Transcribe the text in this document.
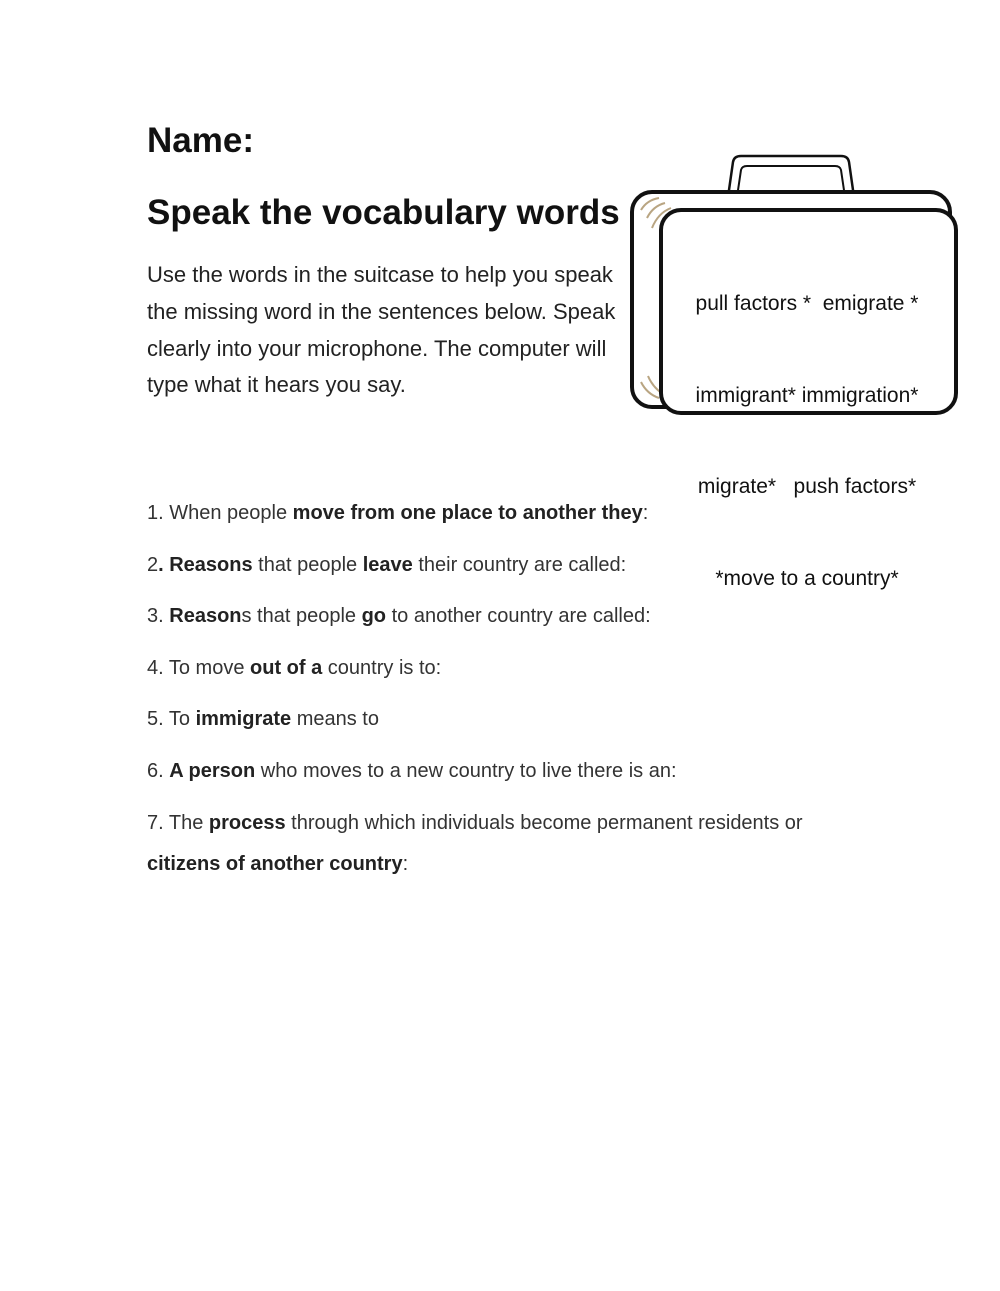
Name:
Speak the vocabulary words

Use the words in the suitcase to help you speak the missing word in the sentences below. Speak clearly into your microphone. The computer will type what it hears you say.

pull factors *  emigrate *

immigrant* immigration*

migrate*   push factors*

*move to a country*

1. When people move from one place to another they:
2. Reasons that people leave their country are called:
3. Reasons that people go to another country are called:
4. To move out of a country is to:
5. To immigrate means to
6. A person who moves to a new country to live there is an:
7. The process through which individuals become permanent residents or
citizens of another country:
